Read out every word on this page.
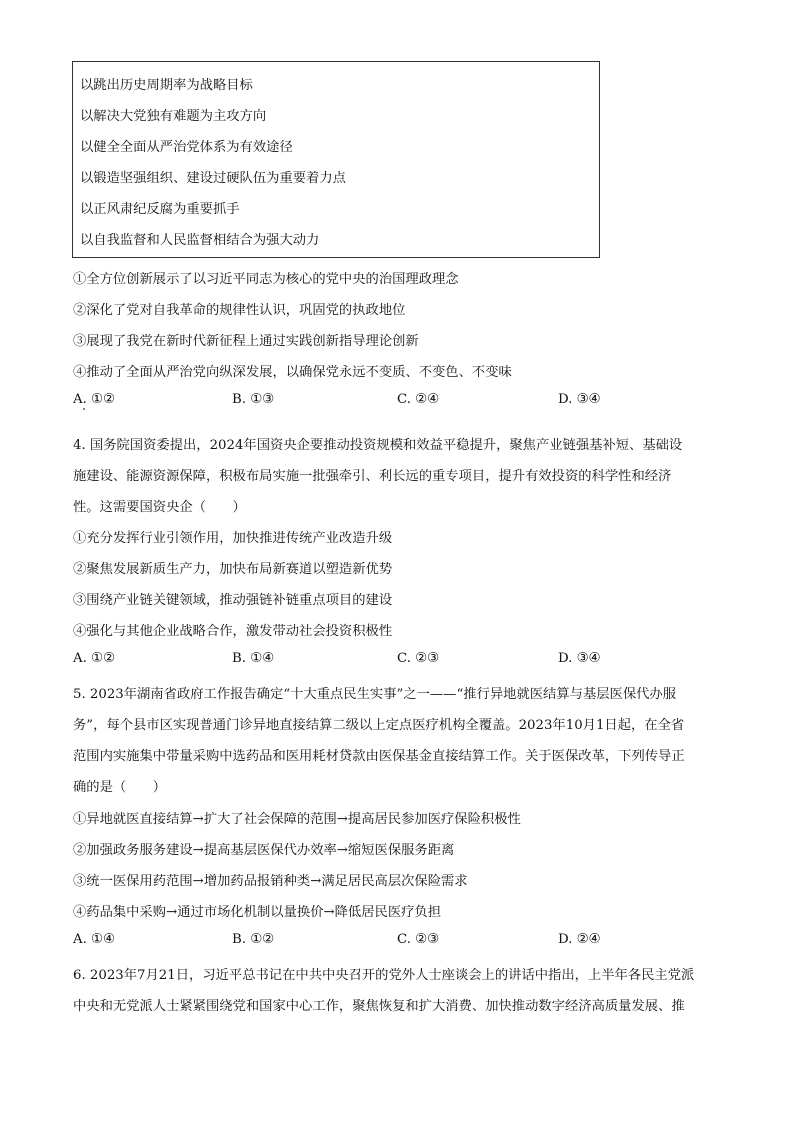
以跳出历史周期率为战略目标
以解决大党独有难题为主攻方向
以健全全面从严治党体系为有效途径
以锻造坚强组织、建设过硬队伍为重要着力点
以正风肃纪反腐为重要抓手
以自我监督和人民监督相结合为强大动力
①全方位创新展示了以习近平同志为核心的党中央的治国理政理念
②深化了党对自我革命的规律性认识，巩固党的执政地位
③展现了我党在新时代新征程上通过实践创新指导理论创新
④推动了全面从严治党向纵深发展，以确保党永远不变质、不变色、不变味
A. ①②	B. ①③	C. ②④	D. ③④
4. 国务院国资委提出，2024年国资央企要推动投资规模和效益平稳提升，聚焦产业链强基补短、基础设
施建设、能源资源保障，积极布局实施一批强牵引、利长远的重专项目，提升有效投资的科学性和经济
性。这需要国资央企（　　）
①充分发挥行业引领作用，加快推进传统产业改造升级
②聚焦发展新质生产力，加快布局新赛道以塑造新优势
③围绕产业链关键领域，推动强链补链重点项目的建设
④强化与其他企业战略合作，激发带动社会投资积极性
A. ①②	B. ①④	C. ②③	D. ③④
5. 2023年湖南省政府工作报告确定“十大重点民生实事”之一——“推行异地就医结算与基层医保代办服
务”，每个县市区实现普通门诊异地直接结算二级以上定点医疗机构全覆盖。2023年10月1日起，在全省
范围内实施集中带量采购中选药品和医用耗材贷款由医保基金直接结算工作。关于医保改革，下列传导正
确的是（　　）
①异地就医直接结算→扩大了社会保障的范围→提高居民参加医疗保险积极性
②加强政务服务建设→提高基层医保代办效率→缩短医保服务距离
③统一医保用药范围→增加药品报销种类→满足居民高层次保险需求
④药品集中采购→通过市场化机制以量换价→降低居民医疗负担
A. ①④	B. ①②	C. ②③	D. ②④
6. 2023年7月21日，习近平总书记在中共中央召开的党外人士座谈会上的讲话中指出，上半年各民主党派
中央和无党派人士紧紧围绕党和国家中心工作，聚焦恢复和扩大消费、加快推动数字经济高质量发展、推
